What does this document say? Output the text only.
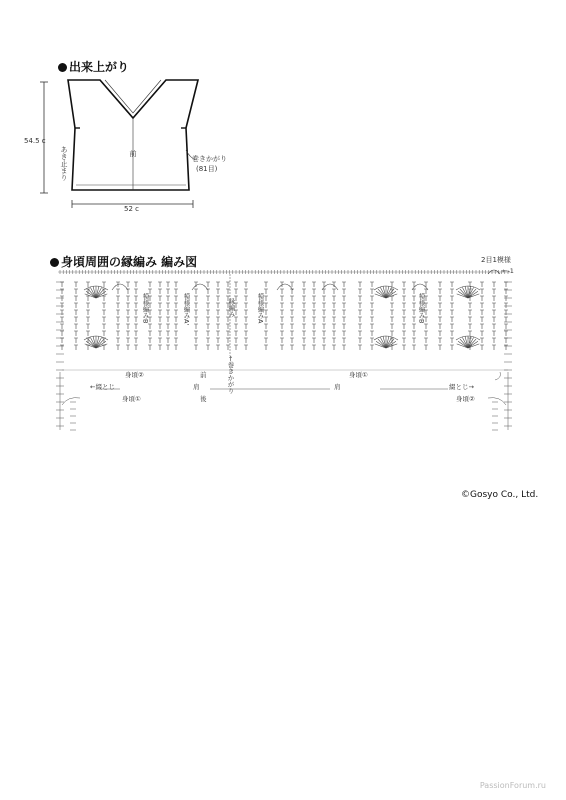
出来上がり
54.5 c
52 c
前
あき止まり	巻きかがり
(81目)
身頃周囲の縁編み 編み図	2目1模様
←-1
模様編みB	模様編みA'	縁編み	模様編みA	模様編みB
←巻きかがり
身頃②	前	身頃①
←綴とじ	肩	肩	綴とじ→
身頃①	後	身頃②
©Gosyo Co., Ltd.
PassionForum.ru
